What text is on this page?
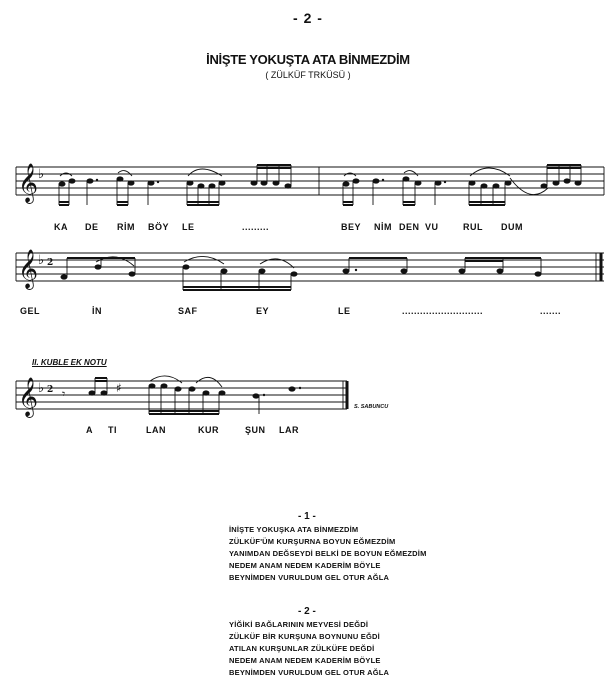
- 2 -
İNİŞTE YOKUŞTA ATA BİNMEZDİM
( ZÜLKÜF TRKÜSÜ )
𝄞
𝄞
𝄞
♭
♭
♭
2
2 𝄾	♯
KA DE RİM BÖY LE	.........	BEY NİM DEN VU	RUL DUM
GEL	İN	SAF	EY	LE	...........................	.......
II. KUBLE EK NOTU
A TI	LAN	KUR	ŞUN LAR
S. SABUNCU
- 1 -
İNİŞTE YOKUŞKA ATA BİNMEZDİM
ZÜLKÜF'ÜM KURŞURNA BOYUN EĞMEZDİM
YANIMDAN DEĞSEYDİ BELKİ DE BOYUN EĞMEZDİM
NEDEM ANAM NEDEM KADERİM BÖYLE
BEYNİMDEN VURULDUM GEL OTUR AĞLA
- 2 -
YİĞİKİ BAĞLARININ MEYVESİ DEĞDİ
ZÜLKÜF BİR KURŞUNA BOYNUNU EĞDİ
ATILAN KURŞUNLAR ZÜLKÜFE DEĞDİ
NEDEM ANAM NEDEM KADERİM BÖYLE
BEYNİMDEN VURULDUM GEL OTUR AĞLA
